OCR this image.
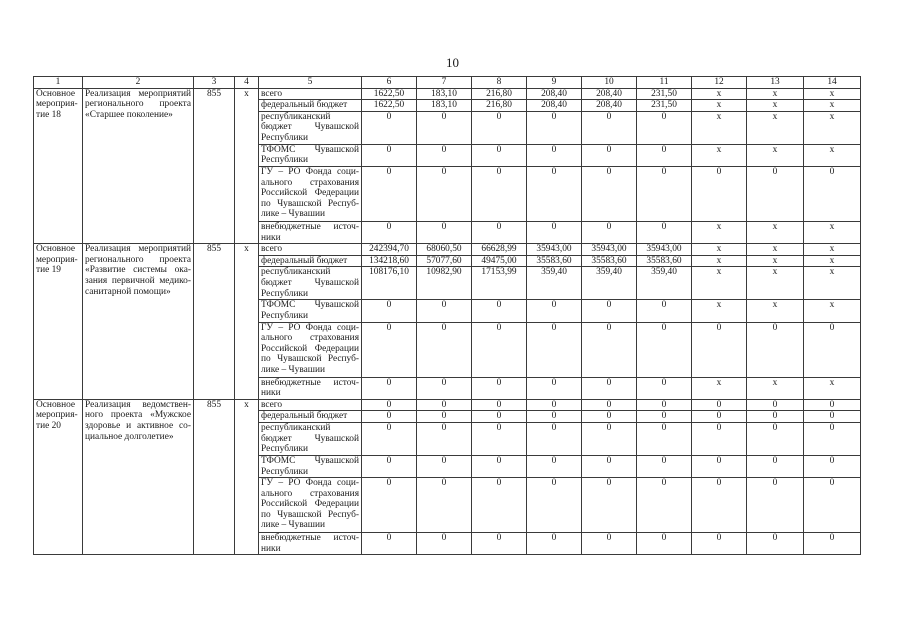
10
1	2	3	4	5	6	7	8	9	10	11	12	13	14
Основное мероприя-тие 18	Реализация мероприятий регионального проекта «Старшее поколение»	855	x	всего	1622,50	183,10	216,80	208,40	208,40	231,50	x	x	x
				федеральный бюджет	1622,50	183,10	216,80	208,40	208,40	231,50	x	x	x
				республиканский бюджет Чувашской Республики	0	0	0	0	0	0	x	x	x
				ТФОМС Чувашской Республики	0	0	0	0	0	0	x	x	x
				ГУ – РО Фонда соци-ального страхования Российской Федерации по Чувашской Респуб-лике – Чувашии	0	0	0	0	0	0	0	0	0
				внебюджетные источ-ники	0	0	0	0	0	0	x	x	x
Основное мероприя-тие 19	Реализация мероприятий регионального проекта «Развитие системы ока-зания первичной медико-санитарной помощи»	855	x	всего	242394,70	68060,50	66628,99	35943,00	35943,00	35943,00	x	x	x
				федеральный бюджет	134218,60	57077,60	49475,00	35583,60	35583,60	35583,60	x	x	x
				республиканский бюджет Чувашской Республики	108176,10	10982,90	17153,99	359,40	359,40	359,40	x	x	x
				ТФОМС Чувашской Республики	0	0	0	0	0	0	x	x	x
				ГУ – РО Фонда соци-ального страхования Российской Федерации по Чувашской Респуб-лике – Чувашии	0	0	0	0	0	0	0	0	0
				внебюджетные источ-ники	0	0	0	0	0	0	x	x	x
Основное мероприя-тие 20	Реализация ведомствен-ного проекта «Мужское здоровье и активное со-циальное долголетие»	855	x	всего	0	0	0	0	0	0	0	0	0
				федеральный бюджет	0	0	0	0	0	0	0	0	0
				республиканский бюджет Чувашской Республики	0	0	0	0	0	0	0	0	0
				ТФОМС Чувашской Республики	0	0	0	0	0	0	0	0	0
				ГУ – РО Фонда соци-ального страхования Российской Федерации по Чувашской Респуб-лике – Чувашии	0	0	0	0	0	0	0	0	0
				внебюджетные источ-ники	0	0	0	0	0	0	0	0	0
